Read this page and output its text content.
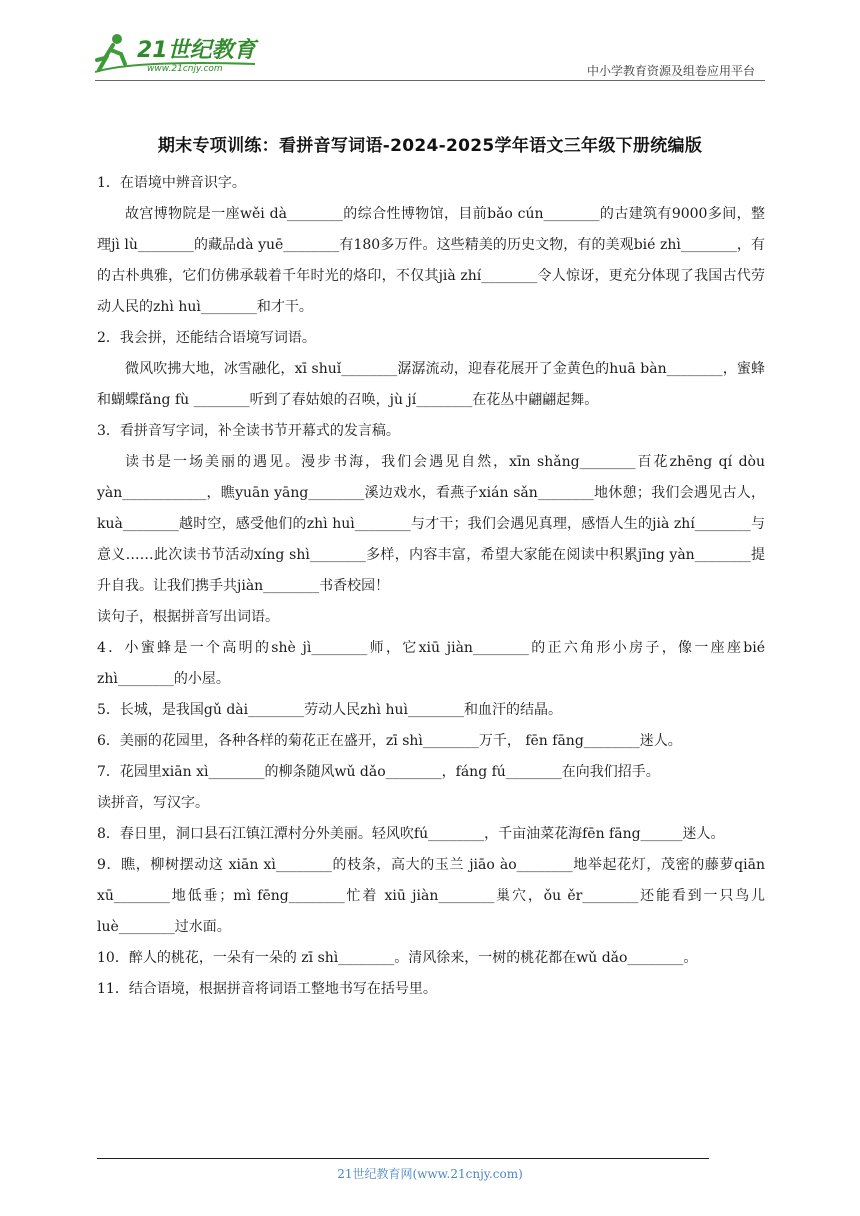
21世纪教育
www.21cnjy.com	中小学教育资源及组卷应用平台
期末专项训练：看拼音写词语-2024-2025学年语文三年级下册统编版

1．在语境中辨音识字。

故宫博物院是一座wěi dà________的综合性博物馆，目前bǎo cún________的古建筑有9000多间，整理jì lù________的藏品dà yuē________有180多万件。这些精美的历史文物，有的美观bié zhì________，有的古朴典雅，它们仿佛承载着千年时光的烙印，不仅其jià zhí________令人惊讶，更充分体现了我国古代劳动人民的zhì huì________和才干。

2．我会拼，还能结合语境写词语。

微风吹拂大地，冰雪融化，xī shuǐ________潺潺流动，迎春花展开了金黄色的huā bàn________，蜜蜂和蝴蝶fǎng fù ________听到了春姑娘的召唤，jù jí________在花丛中翩翩起舞。

3．看拼音写字词，补全读书节开幕式的发言稿。

读书是一场美丽的遇见。漫步书海，我们会遇见自然，xīn shǎng________百花zhēng qí dòu yàn____________，瞧yuān yāng________溪边戏水，看燕子xián sǎn________地休憩；我们会遇见古人，kuà________越时空，感受他们的zhì huì________与才干；我们会遇见真理，感悟人生的jià zhí________与意义……此次读书节活动xíng shì________多样，内容丰富，希望大家能在阅读中积累jīng yàn________提升自我。让我们携手共jiàn________书香校园！

读句子，根据拼音写出词语。

4．小蜜蜂是一个高明的shè jì________师，它xiū jiàn________的正六角形小房子，像一座座bié zhì________的小屋。

5．长城，是我国gǔ dài________劳动人民zhì huì________和血汗的结晶。

6．美丽的花园里，各种各样的菊花正在盛开，zī shì________万千， fēn fāng________迷人。

7．花园里xiān xì________的柳条随风wǔ dǎo________，fáng fú________在向我们招手。

读拼音，写汉字。

8．春日里，洞口县石江镇江潭村分外美丽。轻风吹fú________，千亩油菜花海fēn fāng______迷人。

9．瞧，柳树摆动这 xiān xì________的枝条，高大的玉兰 jiāo ào________地举起花灯，茂密的藤萝qiān xū________地低垂；mì fēng________忙着 xiū jiàn________巢穴，ǒu ěr________还能看到一只鸟儿luè________过水面。

10．醉人的桃花，一朵有一朵的 zī shì________。清风徐来，一树的桃花都在wǔ dǎo________。

11．结合语境，根据拼音将词语工整地书写在括号里。

21世纪教育网(www.21cnjy.com)
